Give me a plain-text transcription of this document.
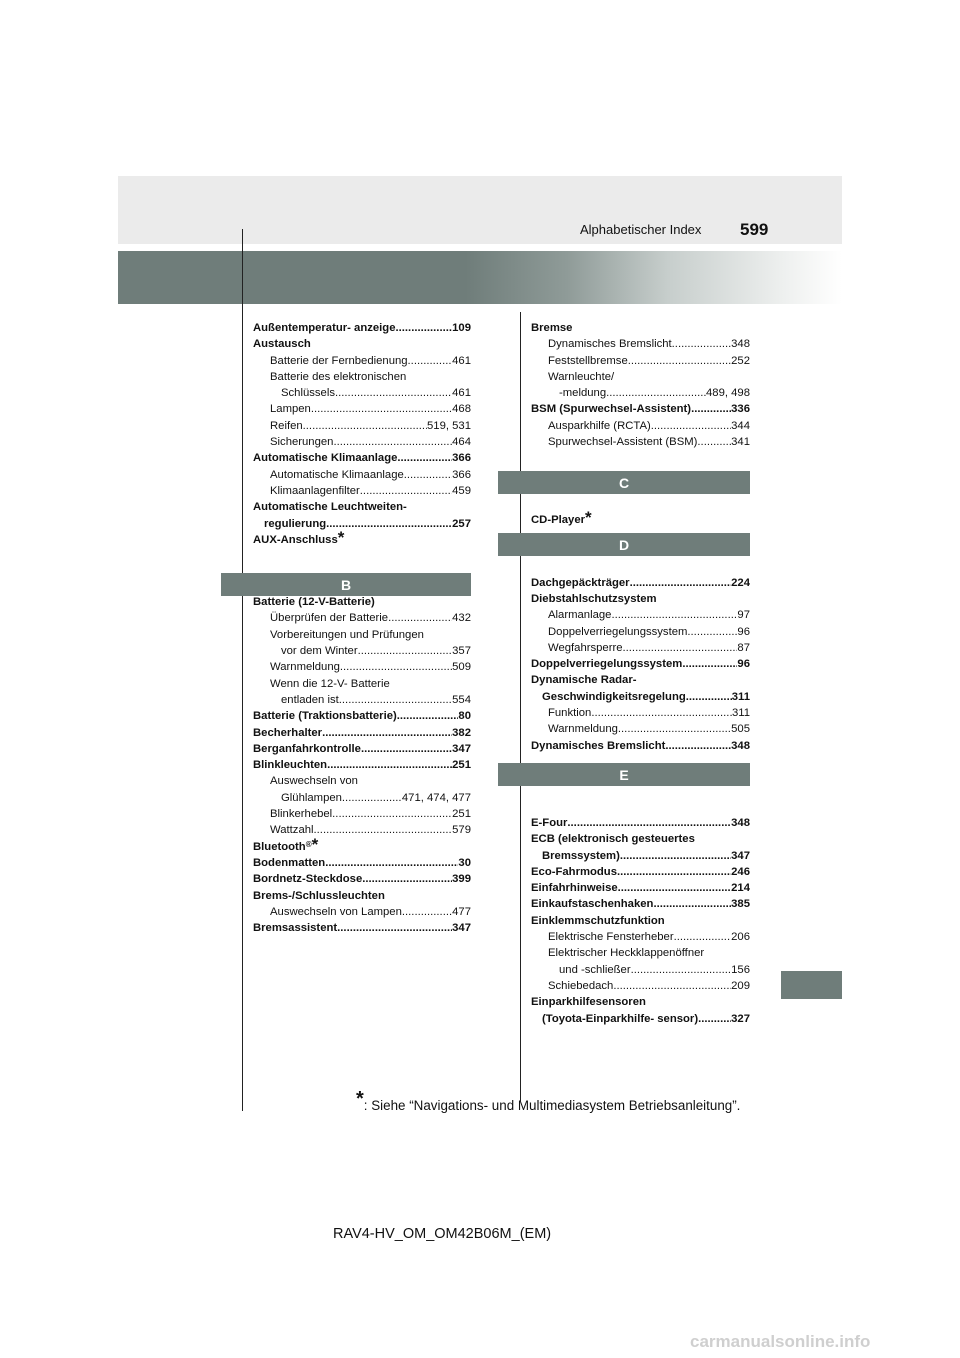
599
Alphabetischer Index
Außentemperatur- anzeige .....	109
Austausch
Batterie der Fernbedienung .....	461
Batterie des elektronischen
Schlüssels .....	461
Lampen .....	468
Reifen .....	519, 531
Sicherungen .....	464
Automatische Klimaanlage .....	366
Automatische Klimaanlage .....	366
Klimaanlagenfilter .....	459
Automatische Leuchtweiten-
regulierung .....	257
AUX-Anschluss *
Batterie (12-V-Batterie)
Überprüfen der Batterie .....	432
Vorbereitungen und Prüfungen
vor dem Winter .....	357
Warnmeldung .....	509
Wenn die 12-V- Batterie
entladen ist .....	554
Batterie (Traktionsbatterie) .....	80
Becherhalter .....	382
Berganfahrkontrolle .....	347
Blinkleuchten .....	251
Auswechseln von
Glühlampen .....	471, 474, 477
Blinkerhebel .....	251
Wattzahl .....	579
Bluetooth ® *
Bodenmatten .....	30
Bordnetz-Steckdose .....	399
Brems-/Schlussleuchten
Auswechseln von Lampen .....	477
Bremsassistent .....	347
B
Bremse
Dynamisches Bremslicht .....	348
Feststellbremse .....	252
Warnleuchte/
-meldung .....	489, 498
BSM (Spurwechsel-Assistent) .....	336
Ausparkhilfe (RCTA) .....	344
Spurwechsel-Assistent (BSM) .....	341
CD-Player *
Dachgepäckträger .....	224
Diebstahlschutzsystem
Alarmanlage .....	97
Doppelverriegelungssystem .....	96
Wegfahrsperre .....	87
Doppelverriegelungssystem .....	96
Dynamische Radar-
Geschwindigkeitsregelung .....	311
Funktion .....	311
Warnmeldung .....	505
Dynamisches Bremslicht .....	348
E-Four .....	348
ECB (elektronisch gesteuertes
Bremssystem) .....	347
Eco-Fahrmodus .....	246
Einfahrhinweise .....	214
Einkaufstaschenhaken .....	385
Einklemmschutzfunktion
Elektrische Fensterheber .....	206
Elektrischer Heckklappenöffner
und -schließer .....	156
Schiebedach .....	209
Einparkhilfesensoren
(Toyota-Einparkhilfe- sensor) .....	327
C
D
E
*: Siehe “Navigations- und Multimediasystem Betriebsanleitung”.
RAV4-HV_OM_OM42B06M_(EM)
carmanualsonline.info
